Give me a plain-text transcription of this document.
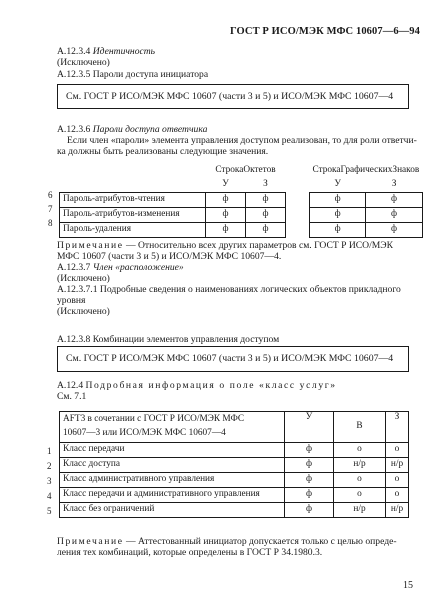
ГОСТ Р ИСО/МЭК МФС 10607—6—94
A.12.3.4 Идентичность
(Исключено)
A.12.3.5 Пароли доступа инициатора
См. ГОСТ Р ИСО/МЭК МФС 10607 (части 3 и 5) и ИСО/МЭК МФС 10607—4
A.12.3.6 Пароли доступа ответчика
Если член «пароли» элемента управления доступом реализован, то для роли ответчи-
ка должны быть реализованы следующие значения.
	СтрокаОктетов			СтрокаГрафическихЗнаков	
	У	З		У	З
Пароль-атрибутов-чтения	ф	ф		ф	ф
Пароль-атрибутов-изменения	ф	ф		ф	ф
Пароль-удаления	ф	ф		ф	ф
6
7
8
Примечание — Относительно всех других параметров см. ГОСТ Р ИСО/МЭК
МФС 10607 (части 3 и 5) и ИСО/МЭК МФС 10607—4.
A.12.3.7 Член «расположение»
(Исключено)
A.12.3.7.1 Подробные сведения о наименованиях логических объектов прикладного
уровня
(Исключено)
A.12.3.8 Комбинации элементов управления доступом
См. ГОСТ Р ИСО/МЭК МФС 10607 (части 3 и 5) и ИСО/МЭК МФС 10607—4
A.12.4 Подробная информация о поле «класс услуг»
См. 7.1
AFT3 в сочетании с ГОСТ Р ИСО/МЭК МФС
10607—3 или ИСО/МЭК МФС 10607—4	У	В	З
Класс передачи	ф	о	о
Класс доступа	ф	н/р	н/р
Класс административного управления	ф	о	о
Класс передачи и административного управления	ф	о	о
Класс без ограничений	ф	н/р	н/р
1
2
3
4
5
Примечание — Аттестованный инициатор допускается только с целью опреде-
ления тех комбинаций, которые определены в ГОСТ Р 34.1980.3.
15
